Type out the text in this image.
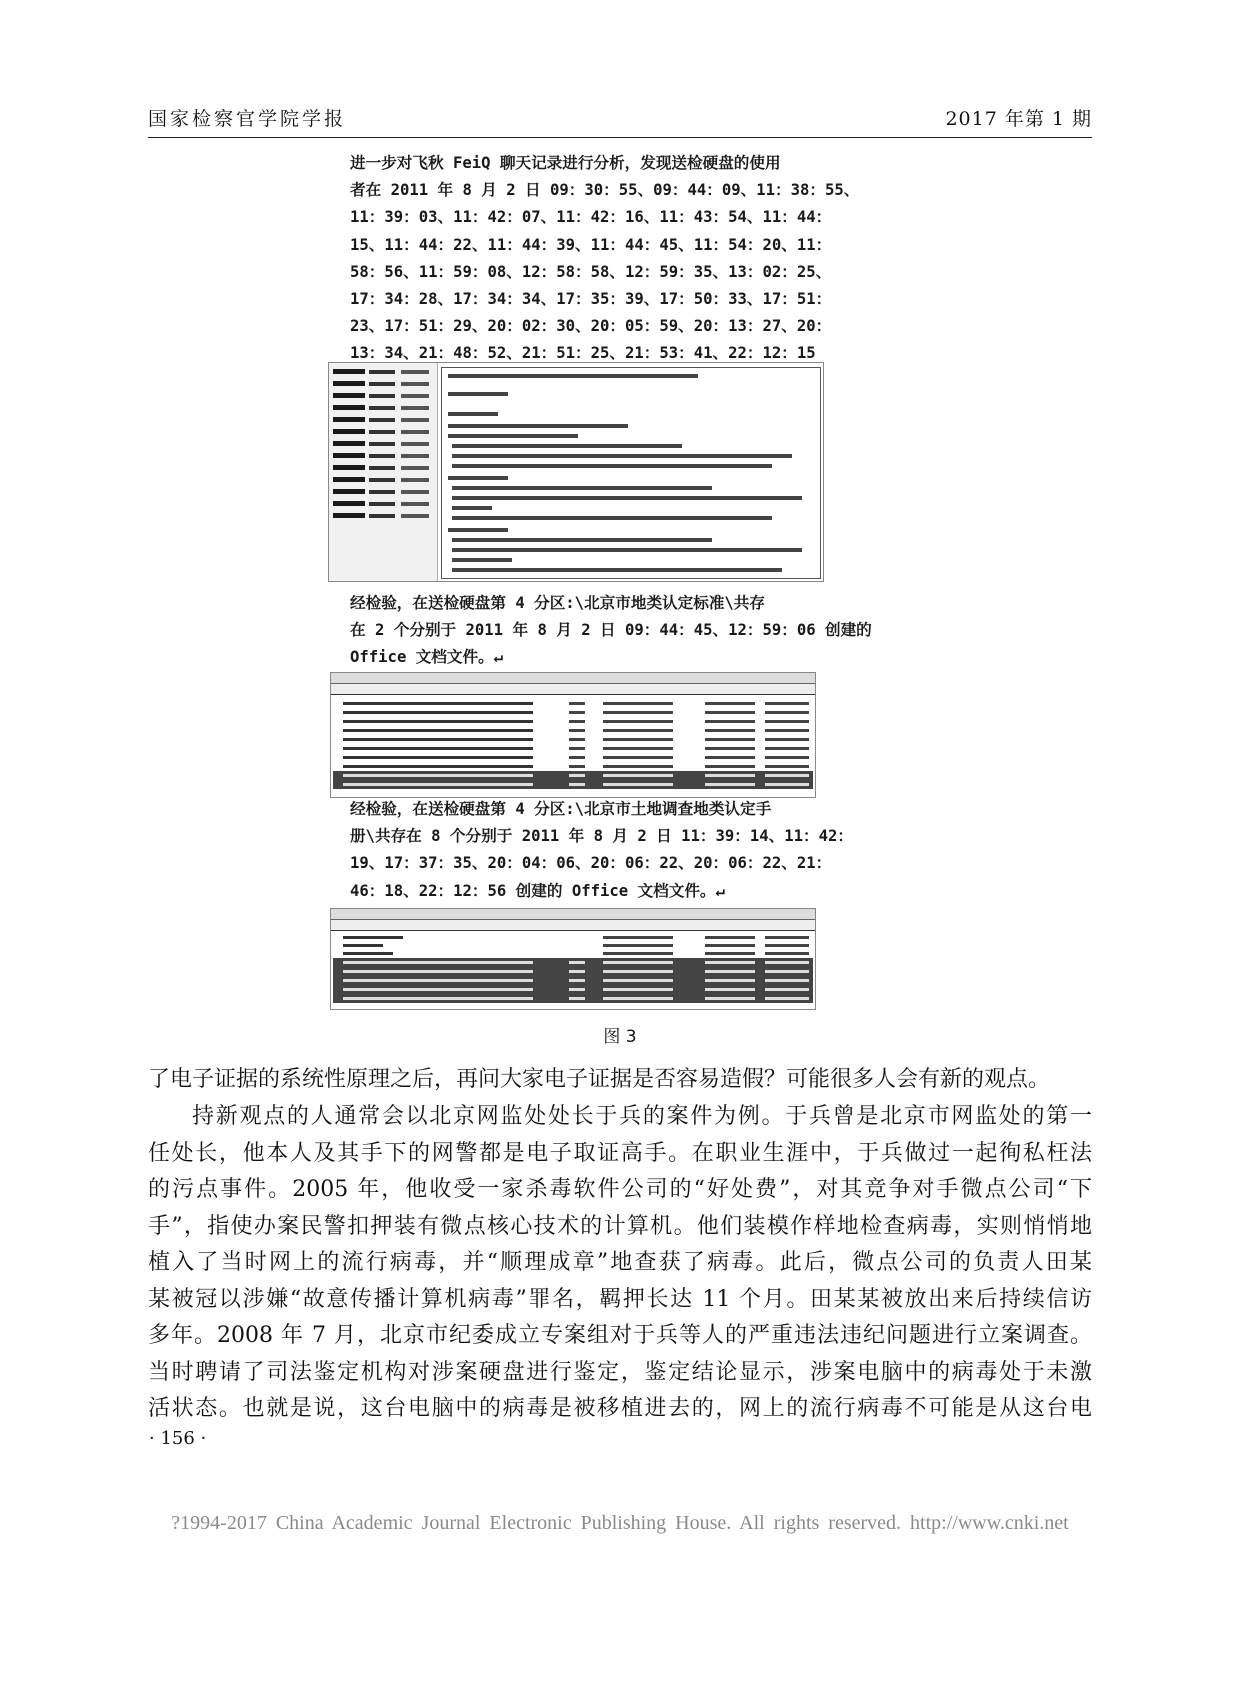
国家检察官学院学报	2017 年第 1 期
进一步对飞秋 FeiQ 聊天记录进行分析，发现送检硬盘的使用
者在 2011 年 8 月 2 日 09：30：55、09：44：09、11：38：55、
11：39：03、11：42：07、11：42：16、11：43：54、11：44：
15、11：44：22、11：44：39、11：44：45、11：54：20、11：
58：56、11：59：08、12：58：58、12：59：35、13：02：25、
17：34：28、17：34：34、17：35：39、17：50：33、17：51：
23、17：51：29、20：02：30、20：05：59、20：13：27、20：
13：34、21：48：52、21：51：25、21：53：41、22：12：15
经检验，在送检硬盘第 4 分区:\北京市地类认定标准\共存
在 2 个分别于 2011 年 8 月 2 日 09：44：45、12：59：06 创建的
Office 文档文件。↵
经检验，在送检硬盘第 4 分区:\北京市土地调查地类认定手
册\共存在 8 个分别于 2011 年 8 月 2 日 11：39：14、11：42：
19、17：37：35、20：04：06、20：06：22、20：06：22、21：
46：18、22：12：56 创建的 Office 文档文件。↵
图 3
了电子证据的系统性原理之后，再问大家电子证据是否容易造假？可能很多人会有新的观点。
持新观点的人通常会以北京网监处处长于兵的案件为例。于兵曾是北京市网监处的第一
任处长，他本人及其手下的网警都是电子取证高手。在职业生涯中，于兵做过一起徇私枉法
的污点事件。2005 年，他收受一家杀毒软件公司的“好处费”，对其竞争对手微点公司“下
手”，指使办案民警扣押装有微点核心技术的计算机。他们装模作样地检查病毒，实则悄悄地
植入了当时网上的流行病毒，并“顺理成章”地查获了病毒。此后，微点公司的负责人田某
某被冠以涉嫌“故意传播计算机病毒”罪名，羁押长达 11 个月。田某某被放出来后持续信访
多年。2008 年 7 月，北京市纪委成立专案组对于兵等人的严重违法违纪问题进行立案调查。
当时聘请了司法鉴定机构对涉案硬盘进行鉴定，鉴定结论显示，涉案电脑中的病毒处于未激
活状态。也就是说，这台电脑中的病毒是被移植进去的，网上的流行病毒不可能是从这台电
· 156 ·
?1994-2017 China Academic Journal Electronic Publishing House. All rights reserved. http://www.cnki.net
